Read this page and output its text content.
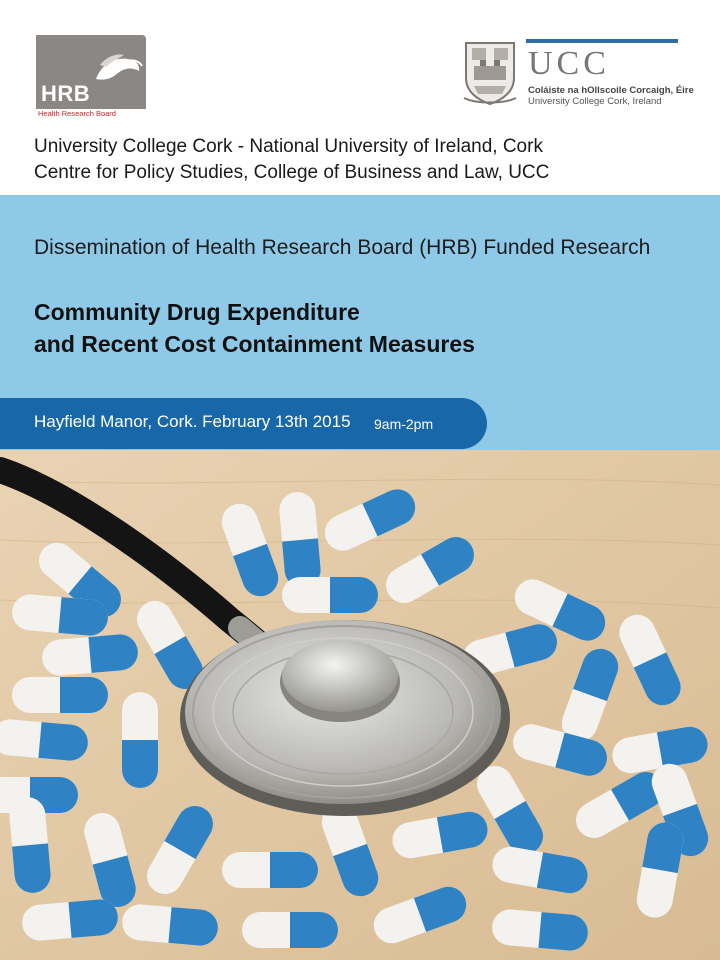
HRB
Health Research Board
UCC
Coláiste na hOllscoile Corcaigh, Éire
University College Cork, Ireland
University College Cork - National University of Ireland, Cork
Centre for Policy Studies, College of Business and Law, UCC
Dissemination of Health Research Board (HRB) Funded Research
Community Drug Expenditure
and Recent Cost Containment Measures
Hayfield Manor, Cork. February 13th 2015 9am-2pm
